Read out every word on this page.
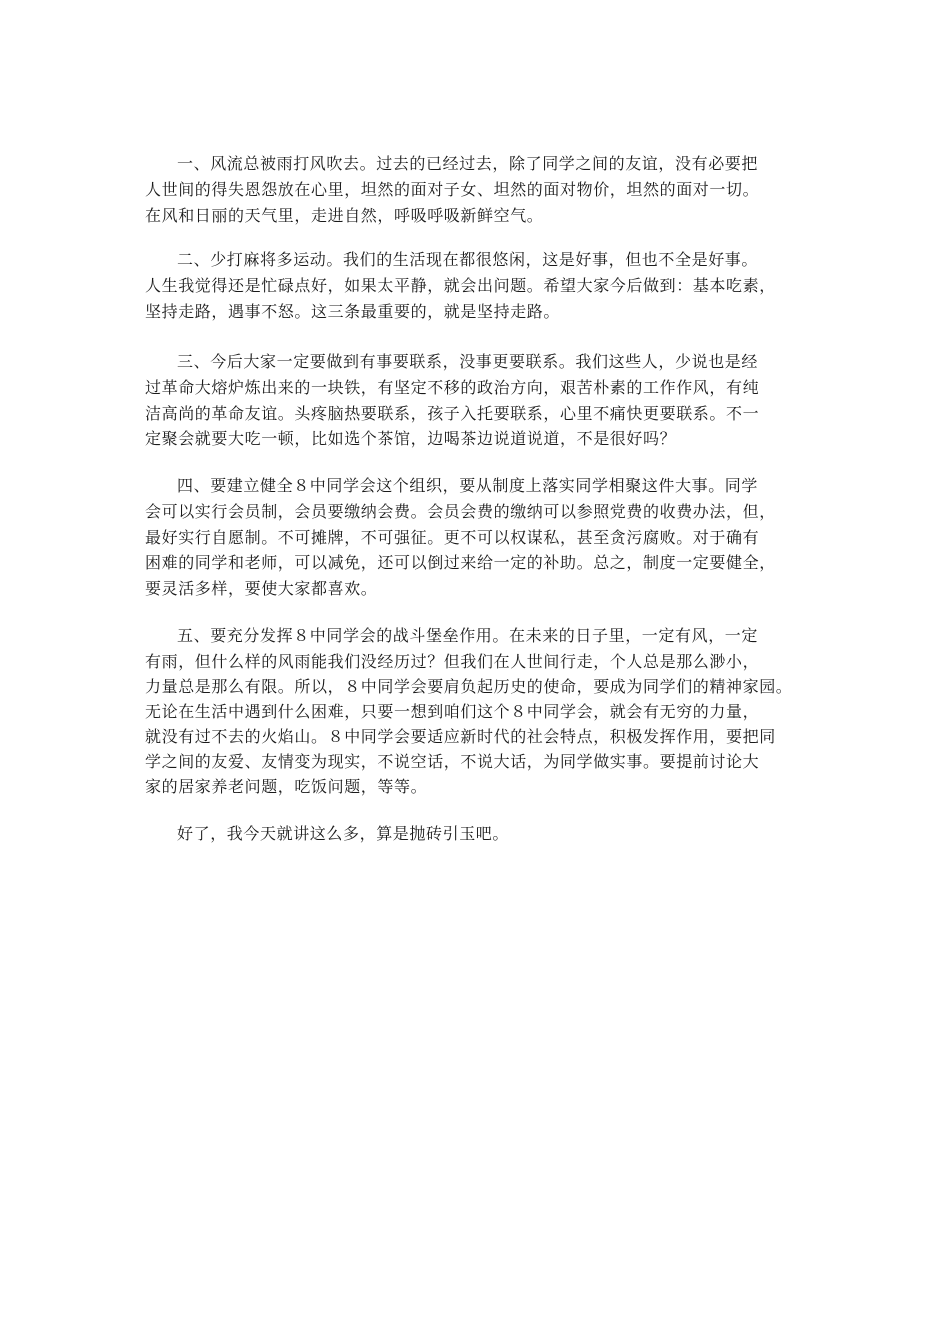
一、风流总被雨打风吹去。过去的已经过去，除了同学之间的友谊，没有必要把
人世间的得失恩怨放在心里，坦然的面对子女、坦然的面对物价，坦然的面对一切。
在风和日丽的天气里，走进自然，呼吸呼吸新鲜空气。
二、少打麻将多运动。我们的生活现在都很悠闲，这是好事，但也不全是好事。
人生我觉得还是忙碌点好，如果太平静，就会出问题。希望大家今后做到：基本吃素，
坚持走路，遇事不怒。这三条最重要的，就是坚持走路。
三、今后大家一定要做到有事要联系，没事更要联系。我们这些人，少说也是经
过革命大熔炉炼出来的一块铁，有坚定不移的政治方向，艰苦朴素的工作作风，有纯
洁高尚的革命友谊。头疼脑热要联系，孩子入托要联系，心里不痛快更要联系。不一
定聚会就要大吃一顿，比如选个茶馆，边喝茶边说道说道，不是很好吗？
四、要建立健全８中同学会这个组织，要从制度上落实同学相聚这件大事。同学
会可以实行会员制，会员要缴纳会费。会员会费的缴纳可以参照党费的收费办法，但，
最好实行自愿制。不可摊牌，不可强征。更不可以权谋私，甚至贪污腐败。对于确有
困难的同学和老师，可以减免，还可以倒过来给一定的补助。总之，制度一定要健全，
要灵活多样，要使大家都喜欢。
五、要充分发挥８中同学会的战斗堡垒作用。在未来的日子里，一定有风，一定
有雨，但什么样的风雨能我们没经历过？但我们在人世间行走，个人总是那么渺小，
力量总是那么有限。所以，８中同学会要肩负起历史的使命，要成为同学们的精神家园。
无论在生活中遇到什么困难，只要一想到咱们这个８中同学会，就会有无穷的力量，
就没有过不去的火焰山。８中同学会要适应新时代的社会特点，积极发挥作用，要把同
学之间的友爱、友情变为现实，不说空话，不说大话，为同学做实事。要提前讨论大
家的居家养老问题，吃饭问题，等等。
好了，我今天就讲这么多，算是抛砖引玉吧。
